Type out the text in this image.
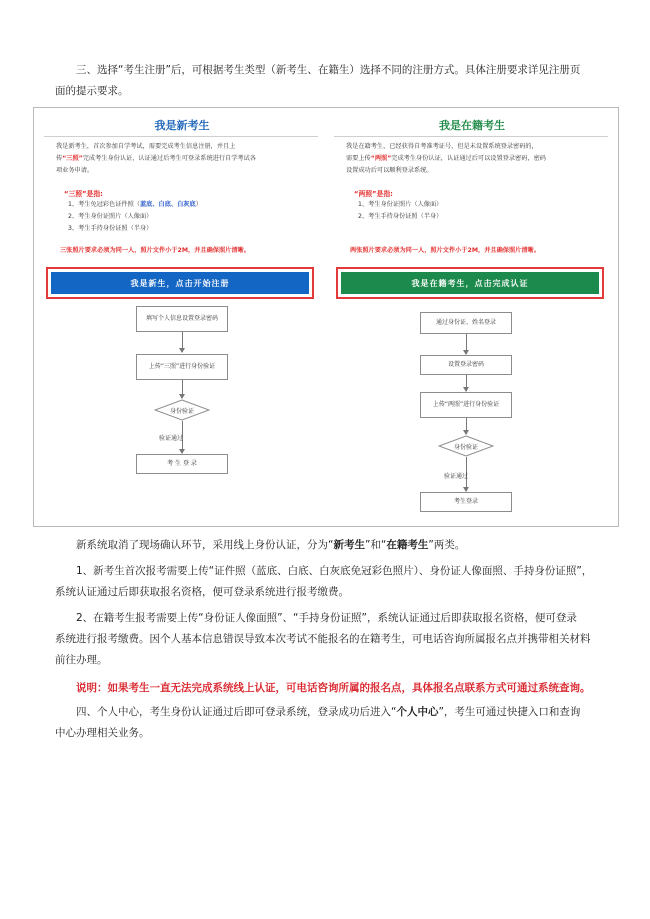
三、选择“考生注册”后，可根据考生类型（新考生、在籍生）选择不同的注册方式。具体注册要求详见注册页
面的提示要求。
我是新考生
我是新考生，首次参加自学考试，需要完成考生信息注册，并且上
传“三照”完成考生身份认证，认证通过后考生可登录系统进行自学考试各
项业务申请。
“三照”是指:
1、考生免冠彩色证件照（蓝底、白底、白灰底）
2、考生身份证照片（人像面）
3、考生手持身份证照（半身）
三张照片要求必须为同一人，照片文件小于2M，并且确保照片清晰。
我是新生，点击开始注册
填写个人信息设置登录密码
上传“三照”进行身份验证
身份验证
验证通过
考 生 登 录
我是在籍考生
我是在籍考生，已经获得自考准考证号，但是未设置系统登录密码的，
需要上传“两照”完成考生身份认证，认证通过后可以设置登录密码，密码
设置成功后可以顺利登录系统。
“两照”是指:
1、考生身份证照片（人像面）
2、考生手持身份证照（半身）
两张照片要求必须为同一人，照片文件小于2M，并且确保照片清晰。
我是在籍考生，点击完成认证
通过身份证、姓名登录
设置登录密码
上传“两照”进行身份验证
身份验证
验证通过
考生登录
新系统取消了现场确认环节，采用线上身份认证，分为“新考生”和“在籍考生”两类。
1、新考生首次报考需要上传“证件照（蓝底、白底、白灰底免冠彩色照片）、身份证人像面照、手持身份证照”，
系统认证通过后即获取报名资格，便可登录系统进行报考缴费。
2、在籍考生报考需要上传“身份证人像面照”、“手持身份证照”，系统认证通过后即获取报名资格，便可登录
系统进行报考缴费。因个人基本信息错误导致本次考试不能报名的在籍考生，可电话咨询所属报名点并携带相关材料
前往办理。
说明：如果考生一直无法完成系统线上认证，可电话咨询所属的报名点，具体报名点联系方式可通过系统查询。
四、个人中心，考生身份认证通过后即可登录系统，登录成功后进入“个人中心”，考生可通过快捷入口和查询
中心办理相关业务。
